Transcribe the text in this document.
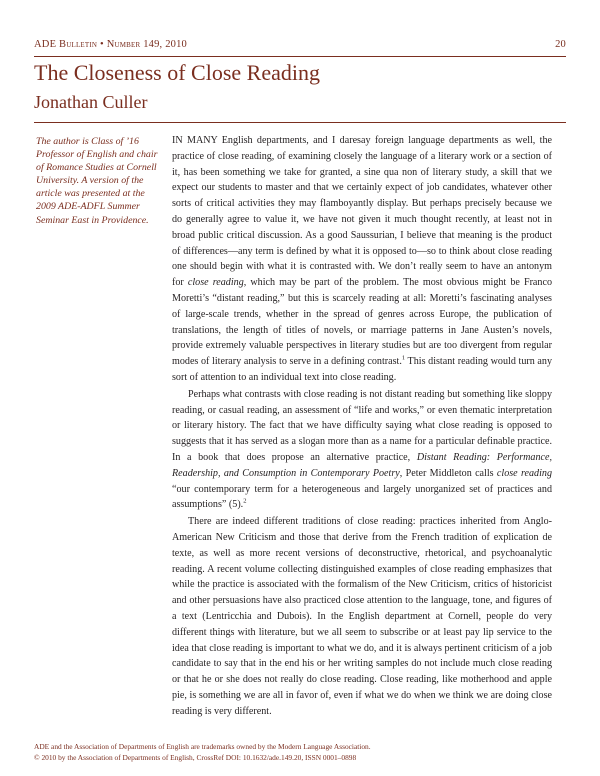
ADE Bulletin • Number 149, 2010	20
The Closeness of Close Reading
Jonathan Culler

The author is Class of ’16 Professor of English and chair of Romance Studies at Cornell University. A version of the article was presented at the 2009 ADE-ADFL Summer Seminar East in Providence.

IN MANY English departments, and I daresay foreign language departments as well, the practice of close reading, of examining closely the language of a literary work or a section of it, has been something we take for granted, a sine qua non of literary study, a skill that we expect our students to master and that we certainly expect of job candidates, whatever other sorts of critical activities they may flamboyantly display. But perhaps precisely because we do generally agree to value it, we have not given it much thought recently, at least not in broad public critical discussion. As a good Saussurian, I believe that meaning is the product of differences—any term is defined by what it is opposed to—so to think about close reading one should begin with what it is contrasted with. We don’t really seem to have an antonym for close reading, which may be part of the problem. The most obvious might be Franco Moretti’s “distant reading,” but this is scarcely reading at all: Moretti’s fascinating analyses of large-scale trends, whether in the spread of genres across Europe, the publication of translations, the length of titles of novels, or marriage patterns in Jane Austen’s novels, provide extremely valuable perspectives in literary studies but are too divergent from regular modes of literary analysis to serve in a defining contrast.$^1$ This distant reading would turn any sort of attention to an individual text into close reading.

Perhaps what contrasts with close reading is not distant reading but something like sloppy reading, or casual reading, an assessment of “life and works,” or even thematic interpretation or literary history. The fact that we have difficulty saying what close reading is opposed to suggests that it has served as a slogan more than as a name for a particular definable practice. In a book that does propose an alternative practice, Distant Reading: Performance, Readership, and Consumption in Contemporary Poetry, Peter Middleton calls close reading “our contemporary term for a heterogeneous and largely unorganized set of practices and assumptions” (5).$^2$

There are indeed different traditions of close reading: practices inherited from Anglo-American New Criticism and those that derive from the French tradition of explication de texte, as well as more recent versions of deconstructive, rhetorical, and psychoanalytic reading. A recent volume collecting distinguished examples of close reading emphasizes that while the practice is associated with the formalism of the New Criticism, critics of historicist and other persuasions have also practiced close attention to the language, tone, and figures of a text (Lentricchia and Dubois). In the English department at Cornell, people do very different things with literature, but we all seem to subscribe or at least pay lip service to the idea that close reading is important to what we do, and it is always pertinent criticism of a job candidate to say that in the end his or her writing samples do not include much close reading or that he or she does not really do close reading. Close reading, like motherhood and apple pie, is something we are all in favor of, even if what we do when we think we are doing close reading is very different.

ADE and the Association of Departments of English are trademarks owned by the Modern Language Association.
© 2010 by the Association of Departments of English, CrossRef DOI: 10.1632/ade.149.20, ISSN 0001–0898
